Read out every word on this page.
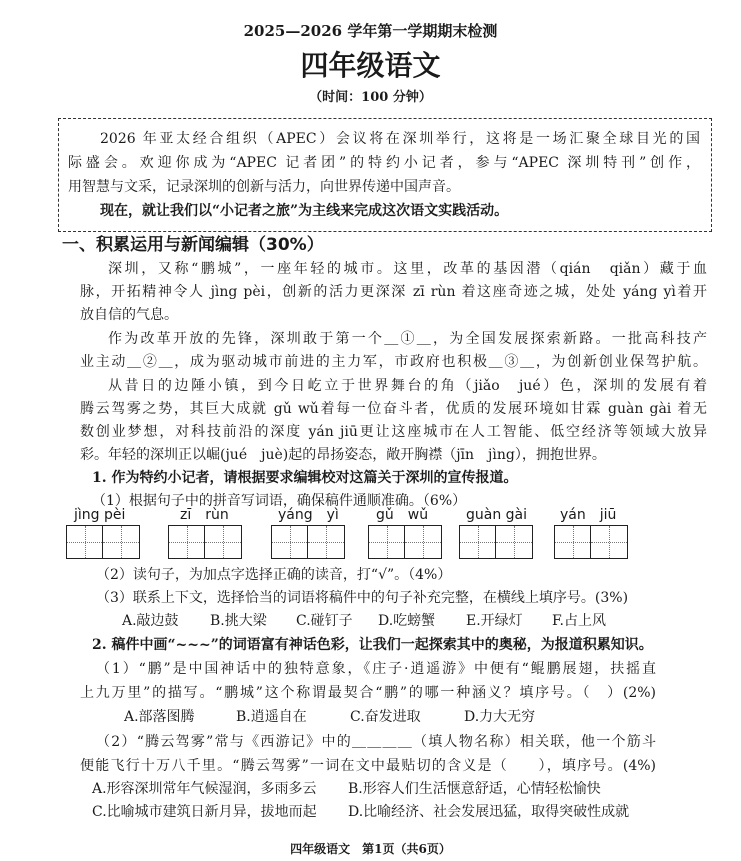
2025—2026 学年第一学期期末检测
四年级语文
（时间：100 分钟）
2026 年亚太经合组织（APEC）会议将在深圳举行，这将是一场汇聚全球目光的国
际盛会。欢迎你成为“APEC 记者团”的特约小记者，参与“APEC 深圳特刊”创作，
用智慧与文采，记录深圳的创新与活力，向世界传递中国声音。
现在，就让我们以“小记者之旅”为主线来完成这次语文实践活动。
一、积累运用与新闻编辑（30%）
深圳，又称“鹏城”，一座年轻的城市。这里，改革的基因潜（qián　qiǎn）藏于血
脉，开拓精神令人 jìng pèi，创新的活力更深深 zī rùn 着这座奇迹之城，处处 yáng yì着开
放自信的气息。
作为改革开放的先锋，深圳敢于第一个＿①＿，为全国发展探索新路。一批高科技产
业主动＿②＿，成为驱动城市前进的主力军，市政府也积极＿③＿，为创新创业保驾护航。
从昔日的边陲小镇，到今日屹立于世界舞台的角（jiǎo　jué）色，深圳的发展有着
腾云驾雾之势，其巨大成就 gǔ wǔ着每一位奋斗者，优质的发展环境如甘霖 guàn gài 着无
数创业梦想，对科技前沿的深度 yán jiū更让这座城市在人工智能、低空经济等领域大放异
彩。年轻的深圳正以崛(jué　juè)起的昂扬姿态，敞开胸襟（jīn　jìng），拥抱世界。
1. 作为特约小记者，请根据要求编辑校对这篇关于深圳的宣传报道。
（1）根据句子中的拼音写词语，确保稿件通顺准确。（6%）
jìng pèi	zī　rùn	yáng　yì	gǔ　wǔ	guàn gài yán　jiū
（2）读句子，为加点字选择正确的读音，打“√”。（4%）
（3）联系上下文，选择恰当的词语将稿件中的句子补充完整，在横线上填序号。(3%)
A.敲边鼓 B.挑大梁 C.碰钉子 D.吃螃蟹 E.开绿灯 F.占上风
2. 稿件中画“~~~”的词语富有神话色彩，让我们一起探索其中的奥秘，为报道积累知识。
（1）“鹏”是中国神话中的独特意象，《庄子·逍遥游》中便有“鲲鹏展翅，扶摇直
上九万里”的描写。“鹏城”这个称谓最契合“鹏”的哪一种涵义？填序号。（　）(2%)
A.部落图腾	B.逍遥自在	C.奋发进取	D.力大无穷
（2）“腾云驾雾”常与《西游记》中的＿＿＿＿（填人物名称）相关联，他一个筋斗
便能飞行十万八千里。“腾云驾雾”一词在文中最贴切的含义是（　　），填序号。(4%)
A.形容深圳常年气候湿润，多雨多云 B.形容人们生活惬意舒适，心情轻松愉快
C.比喻城市建筑日新月异，拔地而起 D.比喻经济、社会发展迅猛，取得突破性成就
四年级语文　第1页（共6页）
